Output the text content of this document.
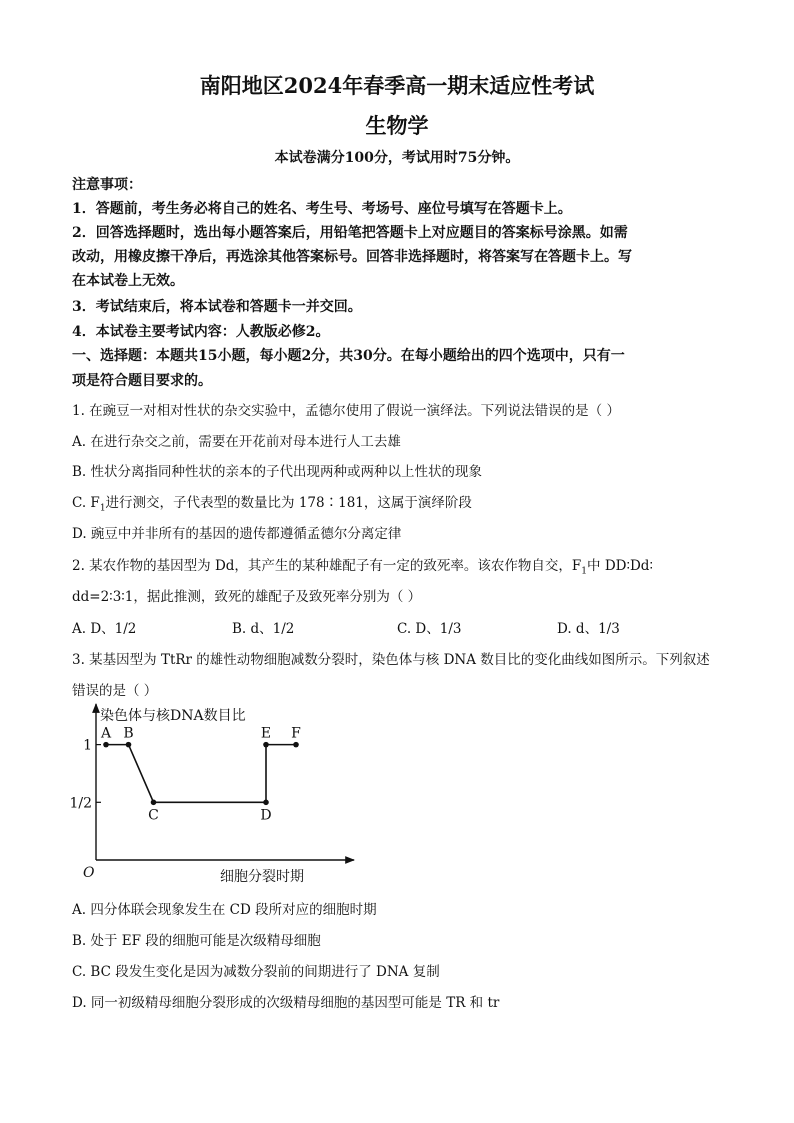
南阳地区2024年春季高一期末适应性考试
生物学
本试卷满分100分，考试用时75分钟。
注意事项：
1．答题前，考生务必将自己的姓名、考生号、考场号、座位号填写在答题卡上。
2．回答选择题时，选出每小题答案后，用铅笔把答题卡上对应题目的答案标号涂黑。如需
改动，用橡皮擦干净后，再选涂其他答案标号。回答非选择题时，将答案写在答题卡上。写
在本试卷上无效。
3．考试结束后，将本试卷和答题卡一并交回。
4．本试卷主要考试内容：人教版必修2。
一、选择题：本题共15小题，每小题2分，共30分。在每小题给出的四个选项中，只有一
项是符合题目要求的。
1. 在豌豆一对相对性状的杂交实验中，孟德尔使用了假说一演绎法。下列说法错误的是（ ）
A. 在进行杂交之前，需要在开花前对母本进行人工去雄
B. 性状分离指同种性状的亲本的子代出现两种或两种以上性状的现象
C. $F_1$进行测交，子代表型的数量比为 178∶181，这属于演绎阶段
D. 豌豆中并非所有的基因的遗传都遵循孟德尔分离定律
2. 某农作物的基因型为 Dd，其产生的某种雄配子有一定的致死率。该农作物自交，$F_1$中 DD∶Dd∶
dd=2∶3∶1，据此推测，致死的雄配子及致死率分别为（ ）
A. D、1/2	B. d、1/2	C. D、1/3	D. d、1/3
3. 某基因型为 TtRr 的雄性动物细胞减数分裂时，染色体与核 DNA 数目比的变化曲线如图所示。下列叙述
错误的是（ ）
染色体与核DNA数目比
细胞分裂时期
O
1
1/2
A B
C	D
E F
A. 四分体联会现象发生在 CD 段所对应的细胞时期
B. 处于 EF 段的细胞可能是次级精母细胞
C. BC 段发生变化是因为减数分裂前的间期进行了 DNA 复制
D. 同一初级精母细胞分裂形成的次级精母细胞的基因型可能是 TR 和 tr
